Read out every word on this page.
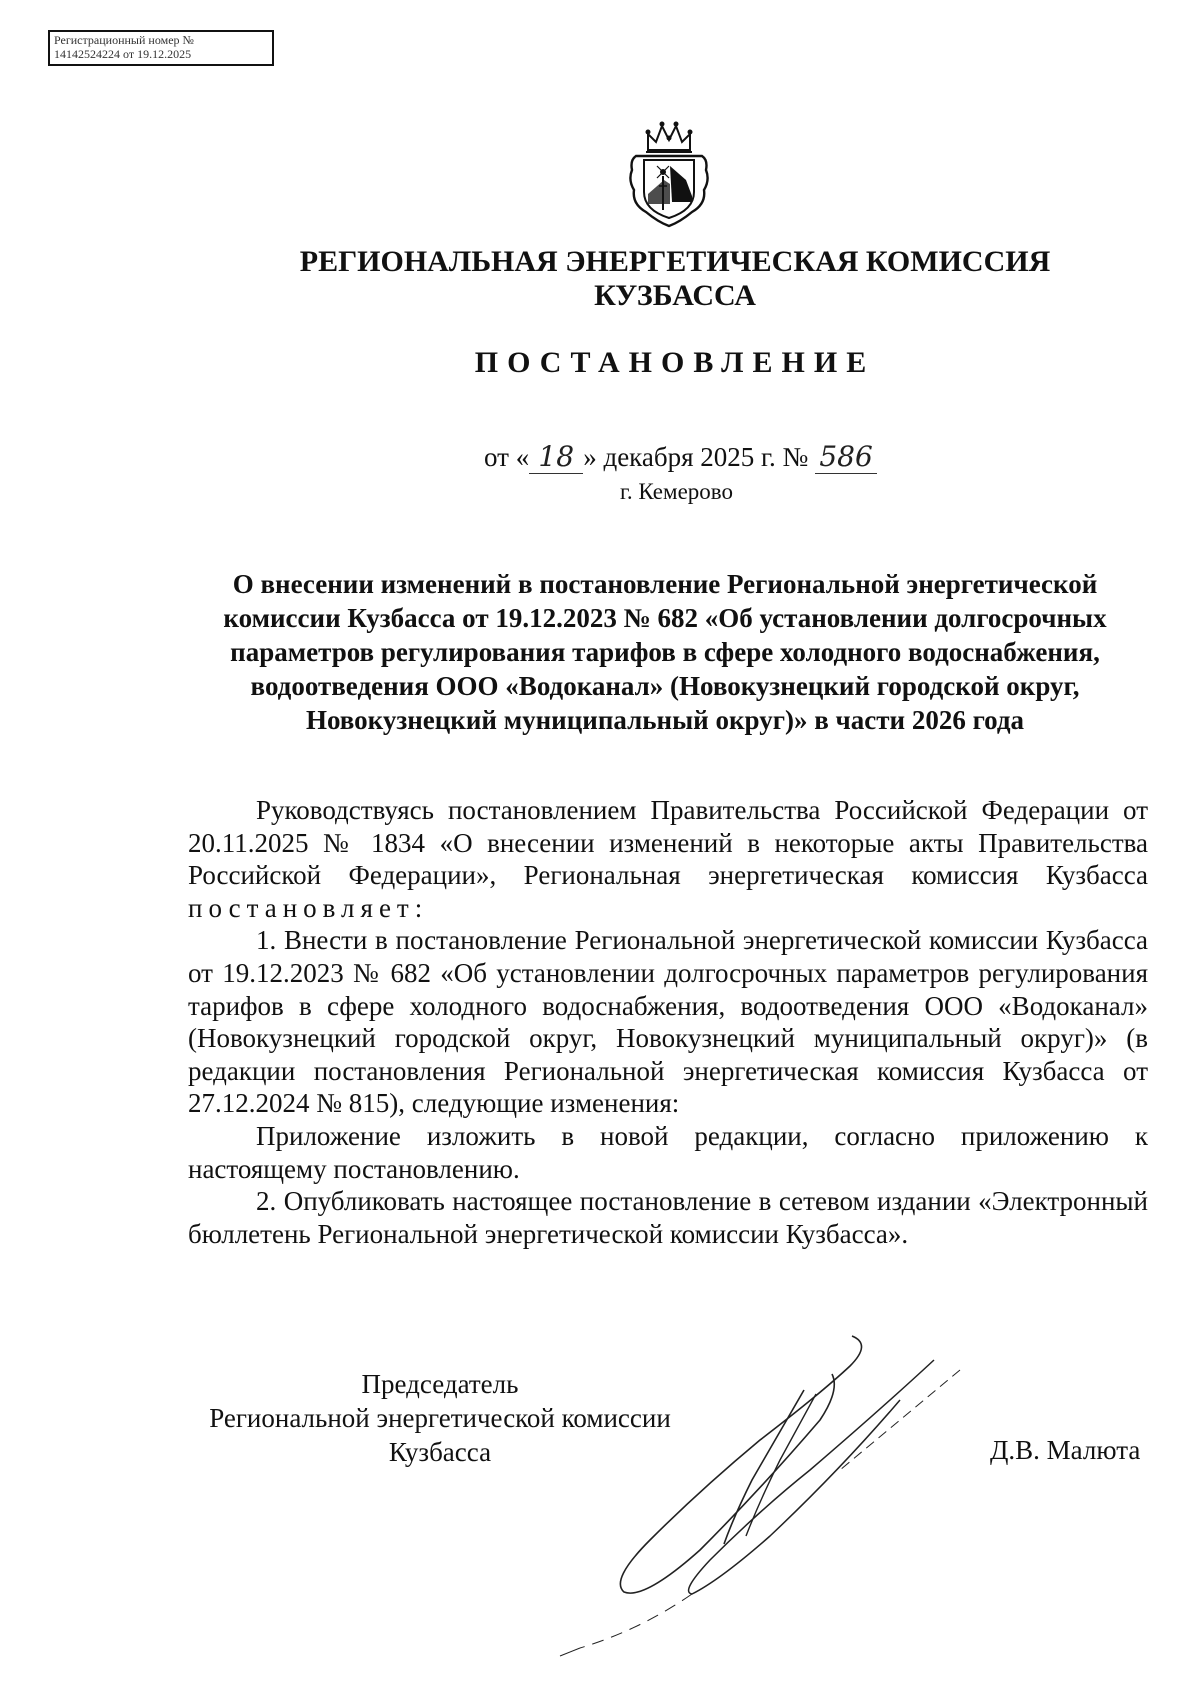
Регистрационный номер №
14142524224 от 19.12.2025
РЕГИОНАЛЬНАЯ ЭНЕРГЕТИЧЕСКАЯ КОМИССИЯ
КУЗБАССА
ПОСТАНОВЛЕНИЕ
от « 18 » декабря 2025 г. № 586
г. Кемерово
О внесении изменений в постановление Региональной энергетической
комиссии Кузбасса от 19.12.2023 № 682 «Об установлении долгосрочных
параметров регулирования тарифов в сфере холодного водоснабжения,
водоотведения ООО «Водоканал» (Новокузнецкий городской округ,
Новокузнецкий муниципальный округ)» в части 2026 года

Руководствуясь постановлением Правительства Российской Федерации от 20.11.2025 № 1834 «О внесении изменений в некоторые акты Правительства Российской Федерации», Региональная энергетическая комиссия Кузбасса постановляет:

1. Внести в постановление Региональной энергетической комиссии Кузбасса от 19.12.2023 № 682 «Об установлении долгосрочных параметров регулирования тарифов в сфере холодного водоснабжения, водоотведения ООО «Водоканал» (Новокузнецкий городской округ, Новокузнецкий муниципальный округ)» (в редакции постановления Региональной энергетическая комиссия Кузбасса от 27.12.2024 № 815), следующие изменения:

Приложение изложить в новой редакции, согласно приложению к настоящему постановлению.

2. Опубликовать настоящее постановление в сетевом издании «Электронный бюллетень Региональной энергетической комиссии Кузбасса».

Председатель
Региональной энергетической комиссии
Кузбасса	Д.В. Малюта
